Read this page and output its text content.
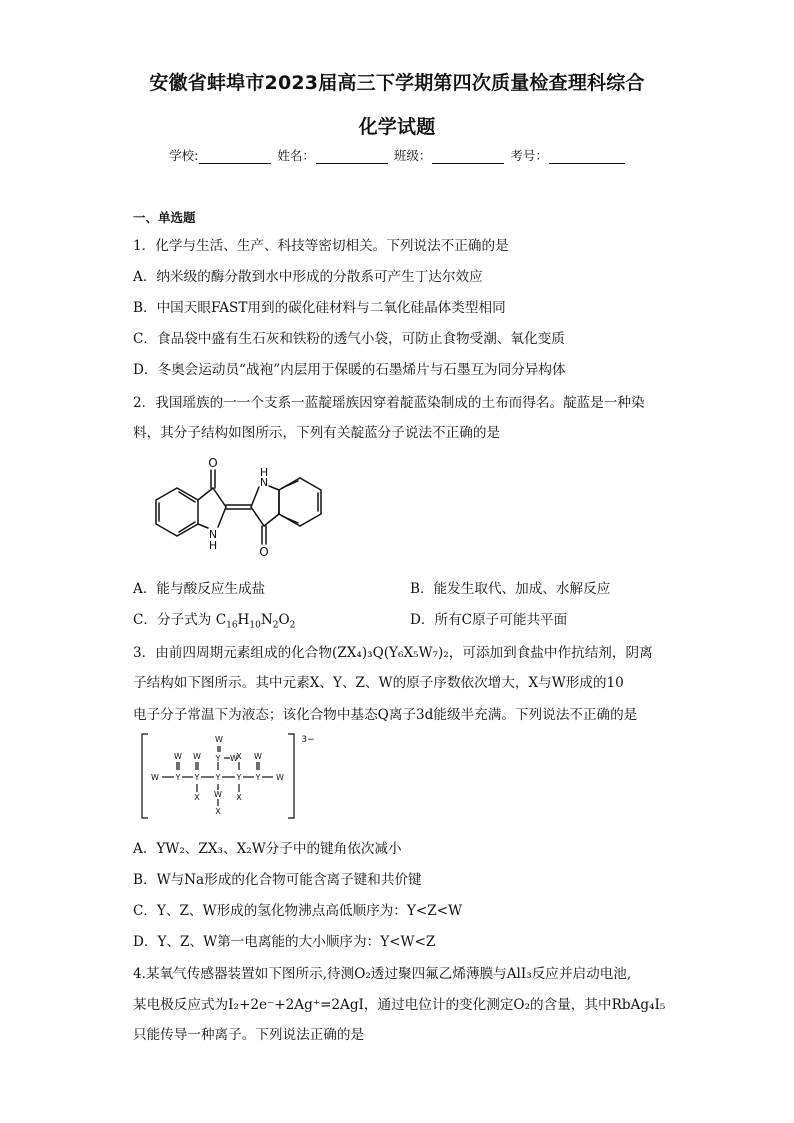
安徽省蚌埠市2023届高三下学期第四次质量检查理科综合
化学试题
学校:	姓名：	班级：	考号：
一、单选题
1．化学与生活、生产、科技等密切相关。下列说法不正确的是
A．纳米级的酶分散到水中形成的分散系可产生丁达尔效应
B．中国天眼FAST用到的碳化硅材料与二氧化硅晶体类型相同
C．食品袋中盛有生石灰和铁粉的透气小袋，可防止食物受潮、氧化变质
D．冬奥会运动员“战袍”内层用于保暖的石墨烯片与石墨互为同分异构体
2．我国瑶族的一一个支系一蓝靛瑶族因穿着靛蓝染制成的土布而得名。靛蓝是一种染
料，其分子结构如图所示，下列有关靛蓝分子说法不正确的是
O
N
H
N
H
O
A．能与酸反应生成盐	B．能发生取代、加成、水解反应
C．分子式为 $C_{16}H_{10}N_2O_2$	D．所有C原子可能共平面
3．由前四周期元素组成的化合物(ZX₄)₃Q(Y₆X₅W₇)₂，可添加到食盐中作抗结剂，阴离
子结构如下图所示。其中元素X、Y、Z、W的原子序数依次增大，X与W形成的10
电子分子常温下为液态；该化合物中基态Q离子3d能级半充满。下列说法不正确的是
W Y
W
Y
W
X
Y
W
Y W
W
X
Y
X
X
Y
W
W
3−
A．YW₂、ZX₃、X₂W分子中的键角依次减小
B．W与Na形成的化合物可能含离子键和共价键
C．Y、Z、W形成的氢化物沸点高低顺序为：Y<Z<W
D．Y、Z、W第一电离能的大小顺序为：Y<W<Z
4.某氧气传感器装置如下图所示,待测O₂透过聚四氟乙烯薄膜与AlI₃反应并启动电池,
某电极反应式为I₂+2e⁻+2Ag⁺=2AgI，通过电位计的变化测定O₂的含量，其中RbAg₄I₅
只能传导一种离子。下列说法正确的是
